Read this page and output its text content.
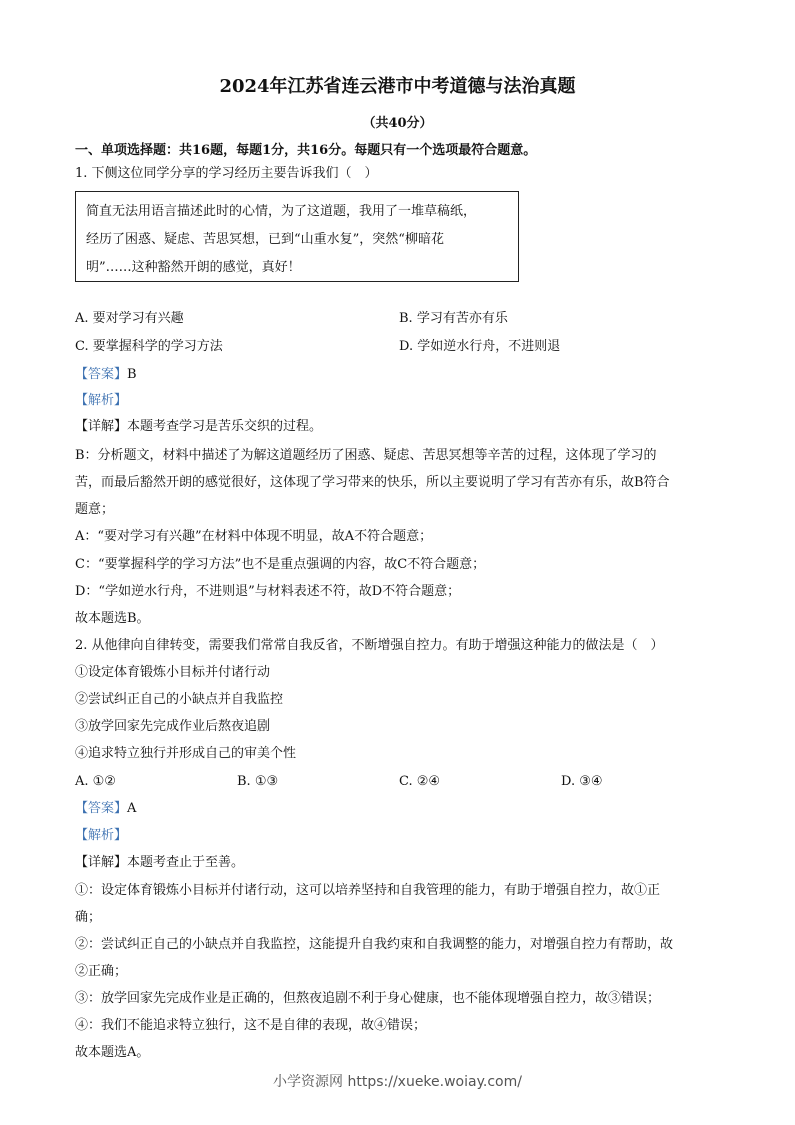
2024年江苏省连云港市中考道德与法治真题
（共40分）
一、单项选择题：共16题，每题1分，共16分。每题只有一个选项最符合题意。
1. 下侧这位同学分享的学习经历主要告诉我们（　）
简直无法用语言描述此时的心情，为了这道题，我用了一堆草稿纸，
经历了困惑、疑虑、苦思冥想，已到“山重水复”，突然“柳暗花
明”……这种豁然开朗的感觉，真好！
A. 要对学习有兴趣	B. 学习有苦亦有乐
C. 要掌握科学的学习方法	D. 学如逆水行舟，不进则退
【答案】B
【解析】
【详解】本题考查学习是苦乐交织的过程。
B：分析题文，材料中描述了为解这道题经历了困惑、疑虑、苦思冥想等辛苦的过程，这体现了学习的
苦，而最后豁然开朗的感觉很好，这体现了学习带来的快乐，所以主要说明了学习有苦亦有乐，故B符合
题意；
A：“要对学习有兴趣”在材料中体现不明显，故A不符合题意；
C：“要掌握科学的学习方法”也不是重点强调的内容，故C不符合题意；
D：“学如逆水行舟，不进则退”与材料表述不符，故D不符合题意；
故本题选B。
2. 从他律向自律转变，需要我们常常自我反省，不断增强自控力。有助于增强这种能力的做法是（　）
①设定体育锻炼小目标并付诸行动
②尝试纠正自己的小缺点并自我监控
③放学回家先完成作业后熬夜追剧
④追求特立独行并形成自己的审美个性
A. ①②	B. ①③	C. ②④	D. ③④
【答案】A
【解析】
【详解】本题考查止于至善。
①：设定体育锻炼小目标并付诸行动，这可以培养坚持和自我管理的能力，有助于增强自控力，故①正
确；
②：尝试纠正自己的小缺点并自我监控，这能提升自我约束和自我调整的能力，对增强自控力有帮助，故
②正确；
③：放学回家先完成作业是正确的，但熬夜追剧不利于身心健康，也不能体现增强自控力，故③错误；
④：我们不能追求特立独行，这不是自律的表现，故④错误；
故本题选A。
小学资源网 https://xueke.woiay.com/
